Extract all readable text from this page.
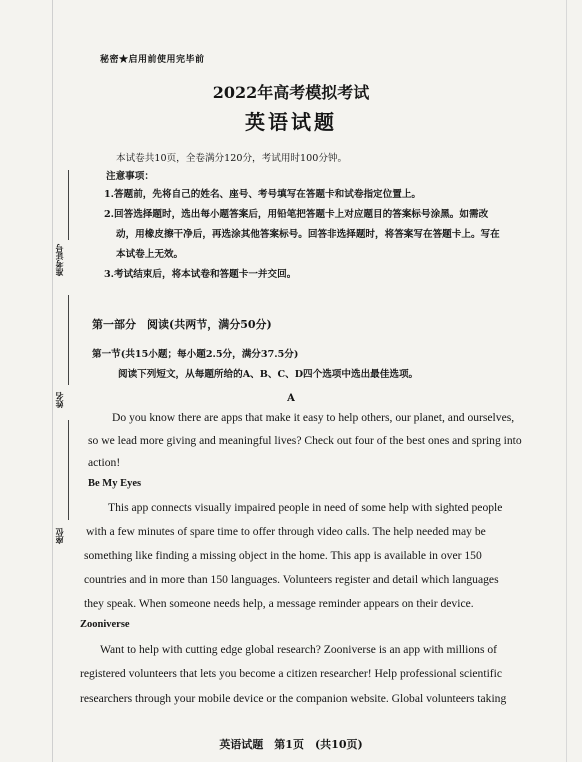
秘密★启用前使用完毕前
2022年高考模拟考试
英语试题
准考证号
姓名
座位
本试卷共10页，全卷满分120分，考试用时100分钟。
注意事项：
1.答题前，先将自己的姓名、座号、考号填写在答题卡和试卷指定位置上。
2.回答选择题时，选出每小题答案后，用铅笔把答题卡上对应题目的答案标号涂黑。如需改
动，用橡皮擦干净后，再选涂其他答案标号。回答非选择题时，将答案写在答题卡上。写在
本试卷上无效。
3.考试结束后，将本试卷和答题卡一并交回。
第一部分　阅读(共两节，满分50分)
第一节(共15小题；每小题2.5分，满分37.5分)
阅读下列短文，从每题所给的A、B、C、D四个选项中选出最佳选项。
A
Do you know there are apps that make it easy to help others, our planet, and ourselves,
so we lead more giving and meaningful lives? Check out four of the best ones and spring into
action!
Be My Eyes
This app connects visually impaired people in need of some help with sighted people
with a few minutes of spare time to offer through video calls. The help needed may be
something like finding a missing object in the home. This app is available in over 150
countries and in more than 150 languages. Volunteers register and detail which languages
they speak. When someone needs help, a message reminder appears on their device.
Zooniverse
Want to help with cutting edge global research? Zooniverse is an app with millions of
registered volunteers that lets you become a citizen researcher! Help professional scientific
researchers through your mobile device or the companion website. Global volunteers taking
英语试题　第1页　(共10页)
